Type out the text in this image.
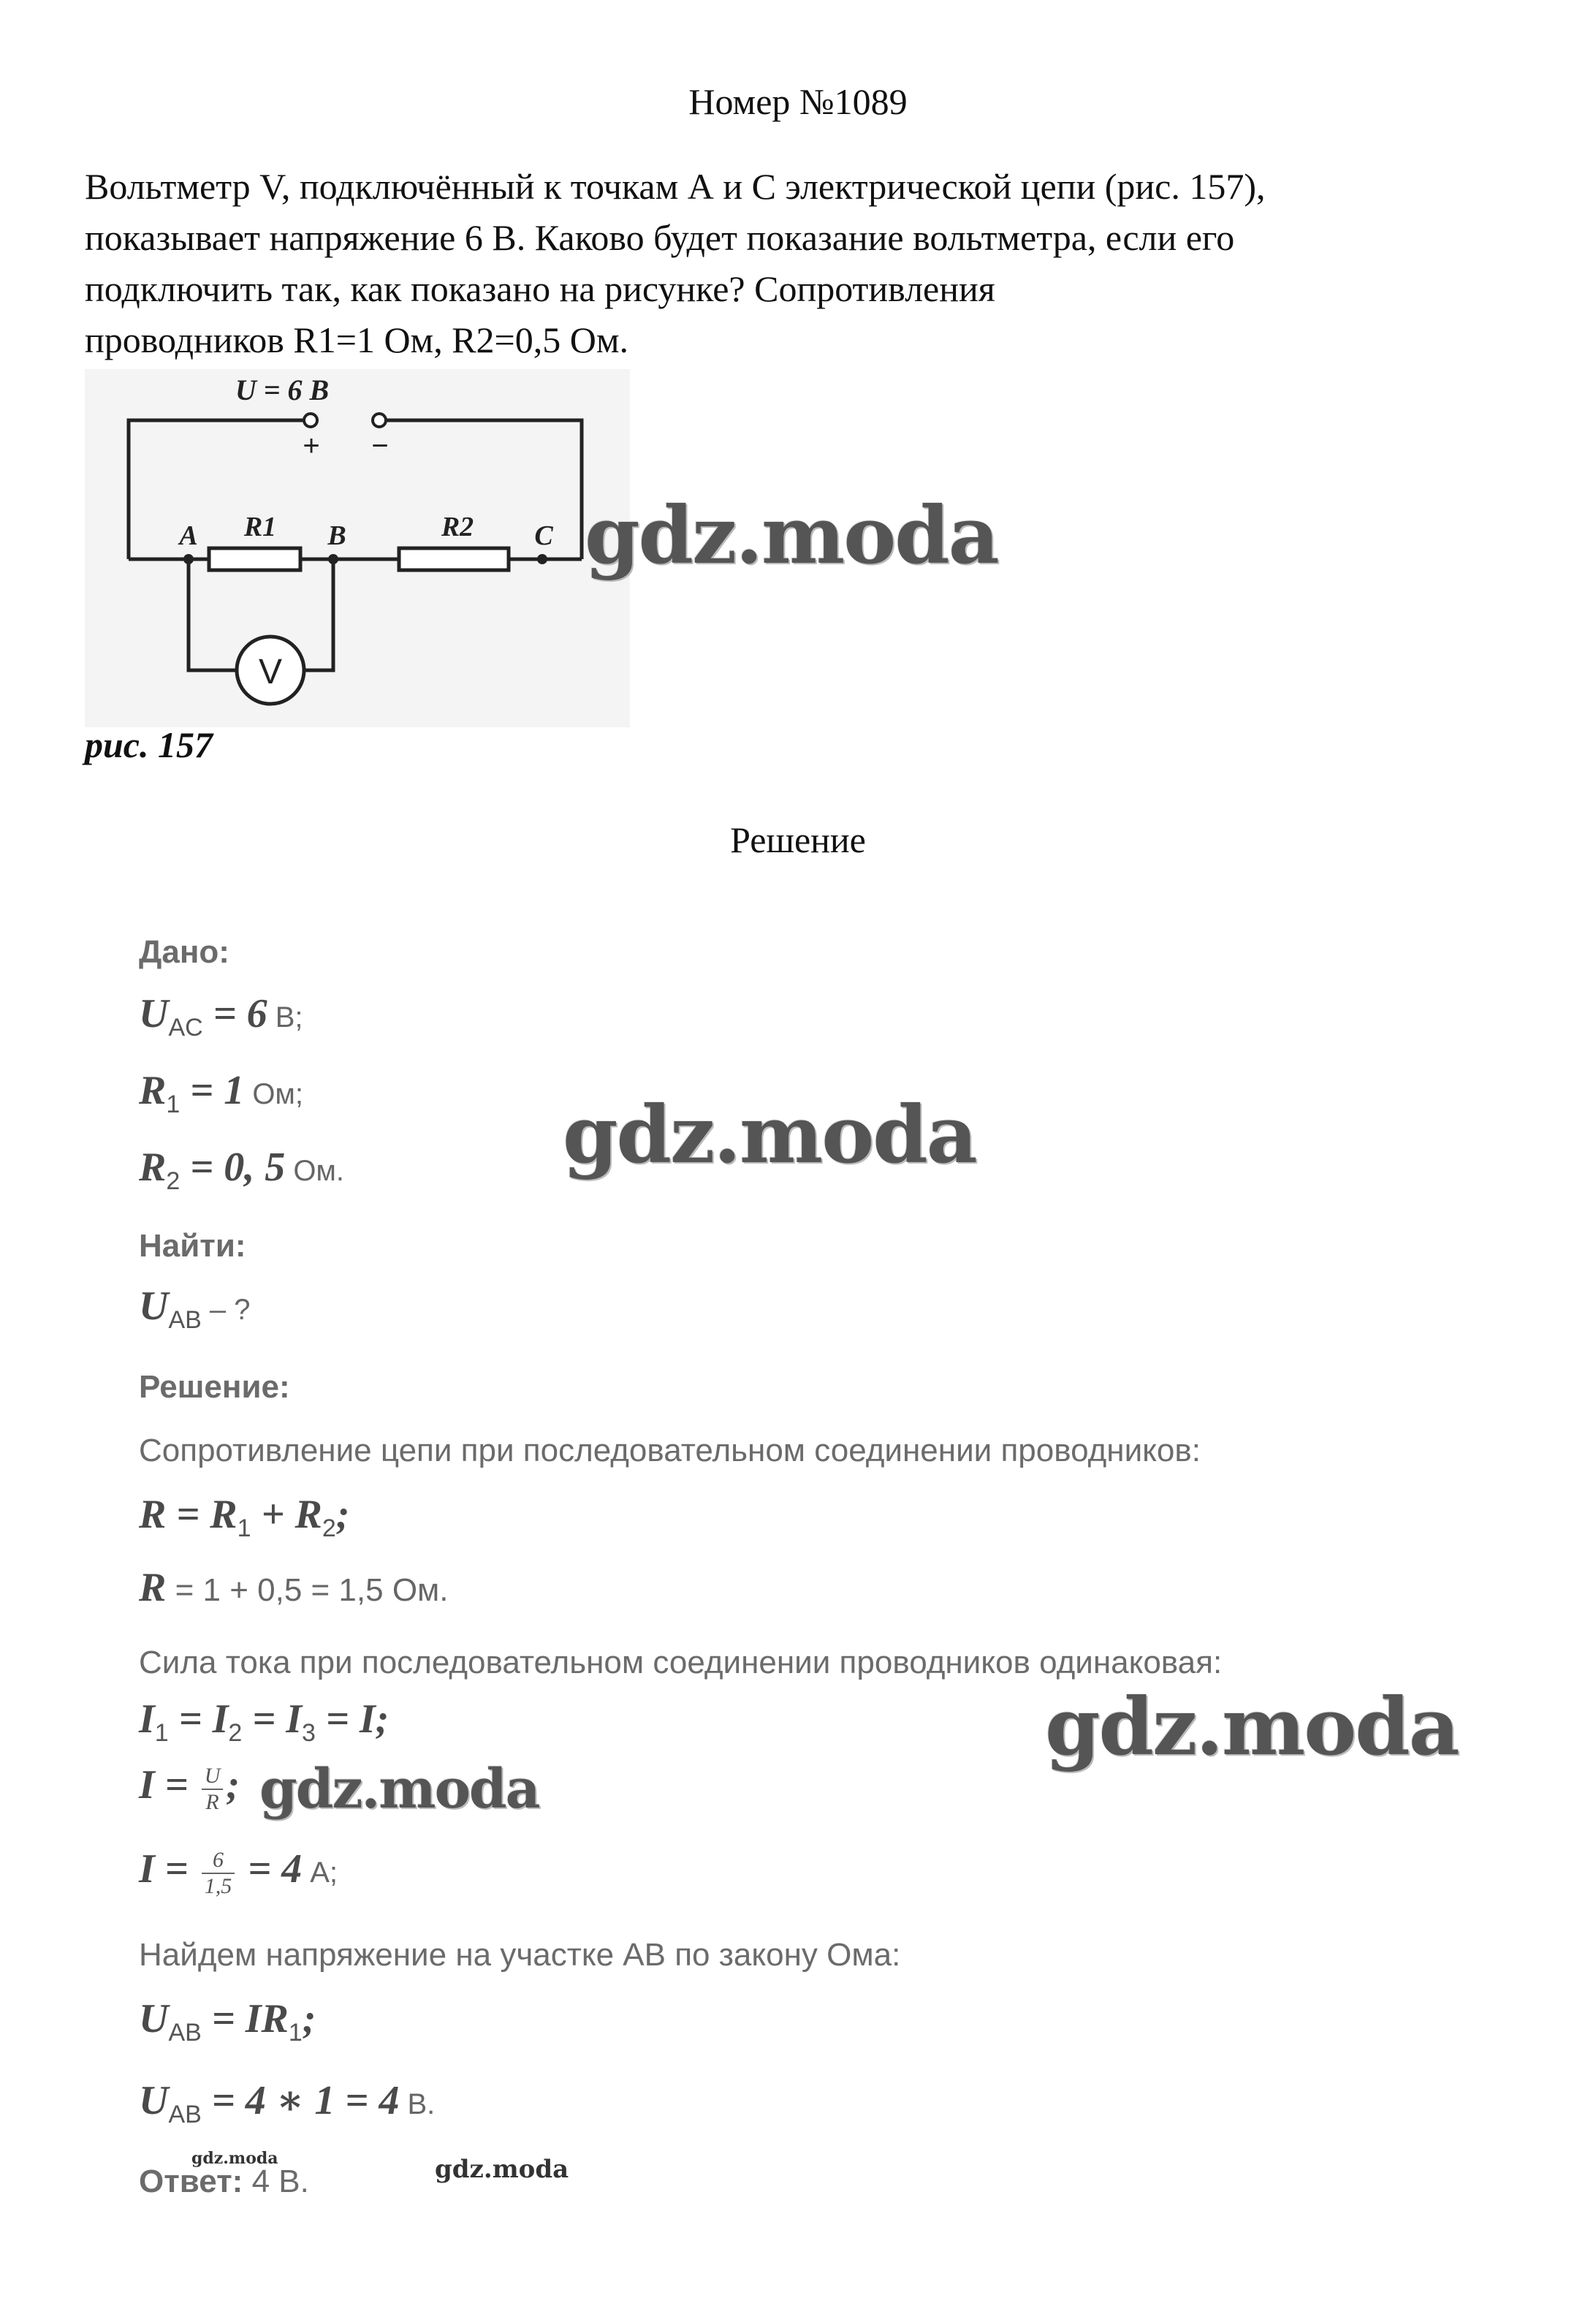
Номер №1089
Вольтметр V, подключённый к точкам А и С электрической цепи (рис. 157),
показывает напряжение 6 В. Каково будет показание вольтметра, если его
подключить так, как показано на рисунке? Сопротивления
проводников R1=1 Ом, R2=0,5 Ом.
V
U = 6 В
+ −
A	B	C
R1	R2 gdz.moda
рис. 157
Решение
Дано:
$U_{AC} = 6$ В;
$R_1 = 1$ Ом;
$R_2 = 0$, 5 Ом.	gdz.moda
Найти:
$U_{AB}$ – ?
Решение:
Сопротивление цепи при последовательном соединении проводников:
$R = R_1 + R_2$;
R = 1 + 0,5 = 1,5 Ом.
Сила тока при последовательном соединении проводников одинаковая:
$I_1 = I_2 = I_3 = I$;	gdz.moda
$I = \frac{U}{R}$ ; gdz.moda
$I = \frac{6}{1,5} = 4$ А;
Найдем напряжение на участке АВ по закону Ома:
$U_{AB} = IR_1$;
$U_{AB} = 4$ ∗ 1 = 4 В.
gdz.moda	gdz.moda
Ответ: 4 В.
